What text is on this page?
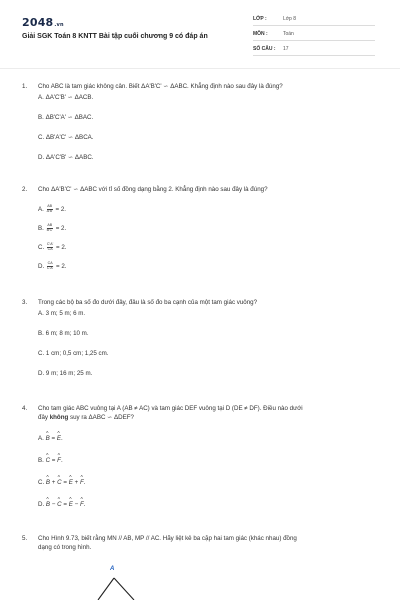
2048.vn
Giải SGK Toán 8 KNTT Bài tập cuối chương 9 có đáp án
LỚP :	Lớp 8
MÔN :	Toán
SỐ CÂU : 17
1.	Cho ABC là tam giác không cân. Biết ΔA'B'C' ∽ ΔABC. Khẳng định nào sau đây là đúng?
A. ΔA'C'B' ∽ ΔACB.
B. ΔB'C'A' ∽ ΔBAC.
C. ΔB'A'C' ∽ ΔBCA.
D. ΔA'C'B' ∽ ΔABC.
2.	Cho ΔA'B'C' ∽ ΔABC với tỉ số đồng dạng bằng 2. Khẳng định nào sau đây là đúng?
A. $\frac{AB}{A'B'} = 2$.
B. $\frac{AB}{B'C'} = 2$.
C. $\frac{C'A'}{CA} = 2$.
D. $\frac{CA}{C'A'} = 2$.
3.	Trong các bộ ba số đo dưới đây, đâu là số đo ba cạnh của một tam giác vuông?
A. 3 m; 5 m; 6 m.
B. 6 m; 8 m; 10 m.
C. 1 cm; 0,5 cm; 1,25 cm.
D. 9 m; 16 m; 25 m.
4.	Cho tam giác ABC vuông tại A (AB ≠ AC) và tam giác DEF vuông tại D (DE ≠ DF). Điều nào dưới
đây không suy ra ΔABC ∽ ΔDEF?
A. ^ B = ^ E.
B. ^ C = ^ F.
C. ^ B + ^ C = ^ E + ^ F.
D. ^ B − ^ C = ^ E − ^ F.
5.	Cho Hình 9.73, biết rằng MN // AB, MP // AC. Hãy liệt kê ba cặp hai tam giác (khác nhau) đồng
dạng có trong hình.
A
